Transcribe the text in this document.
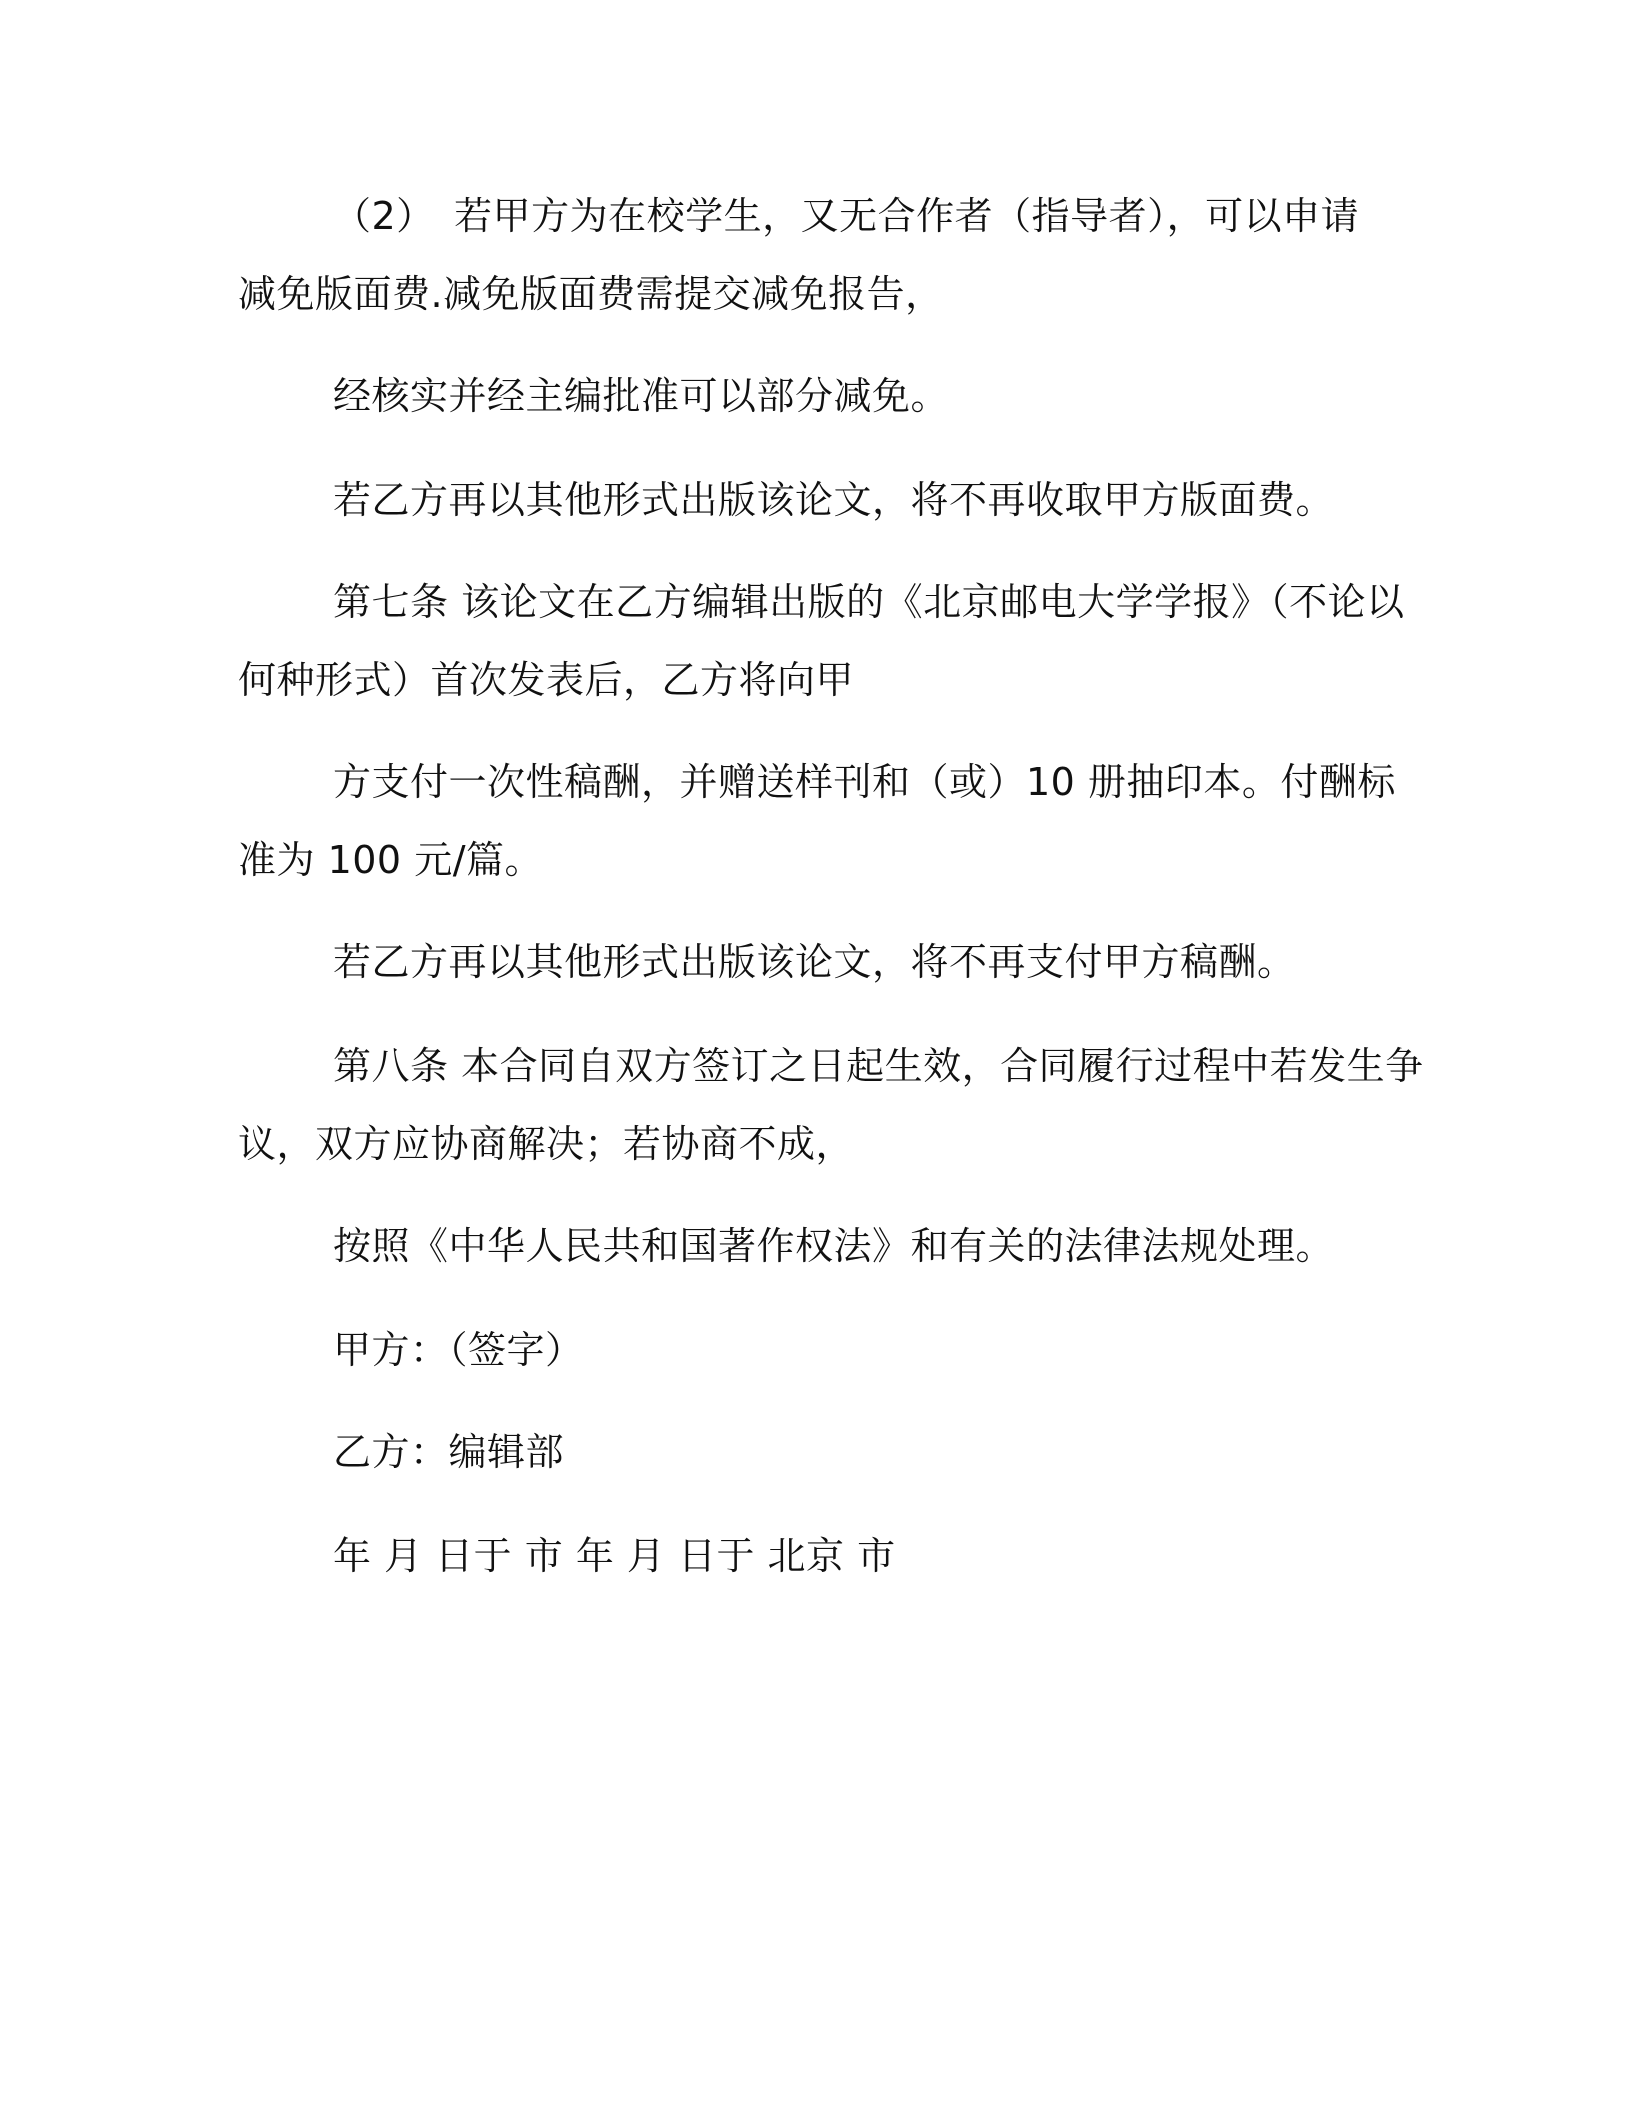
（2）　若甲方为在校学生，又无合作者（指导者），可以申请
减免版面费.减免版面费需提交减免报告，
经核实并经主编批准可以部分减免。
若乙方再以其他形式出版该论文，将不再收取甲方版面费。
第七条 该论文在乙方编辑出版的《北京邮电大学学报》（不论以
何种形式）首次发表后，乙方将向甲
方支付一次性稿酬，并赠送样刊和（或）10 册抽印本。付酬标
准为 100 元/篇。
若乙方再以其他形式出版该论文，将不再支付甲方稿酬。
第八条 本合同自双方签订之日起生效，合同履行过程中若发生争
议，双方应协商解决；若协商不成，
按照《中华人民共和国著作权法》和有关的法律法规处理。
甲方：（签字）
乙方：编辑部
年 月 日于 市 年 月 日于 北京 市
